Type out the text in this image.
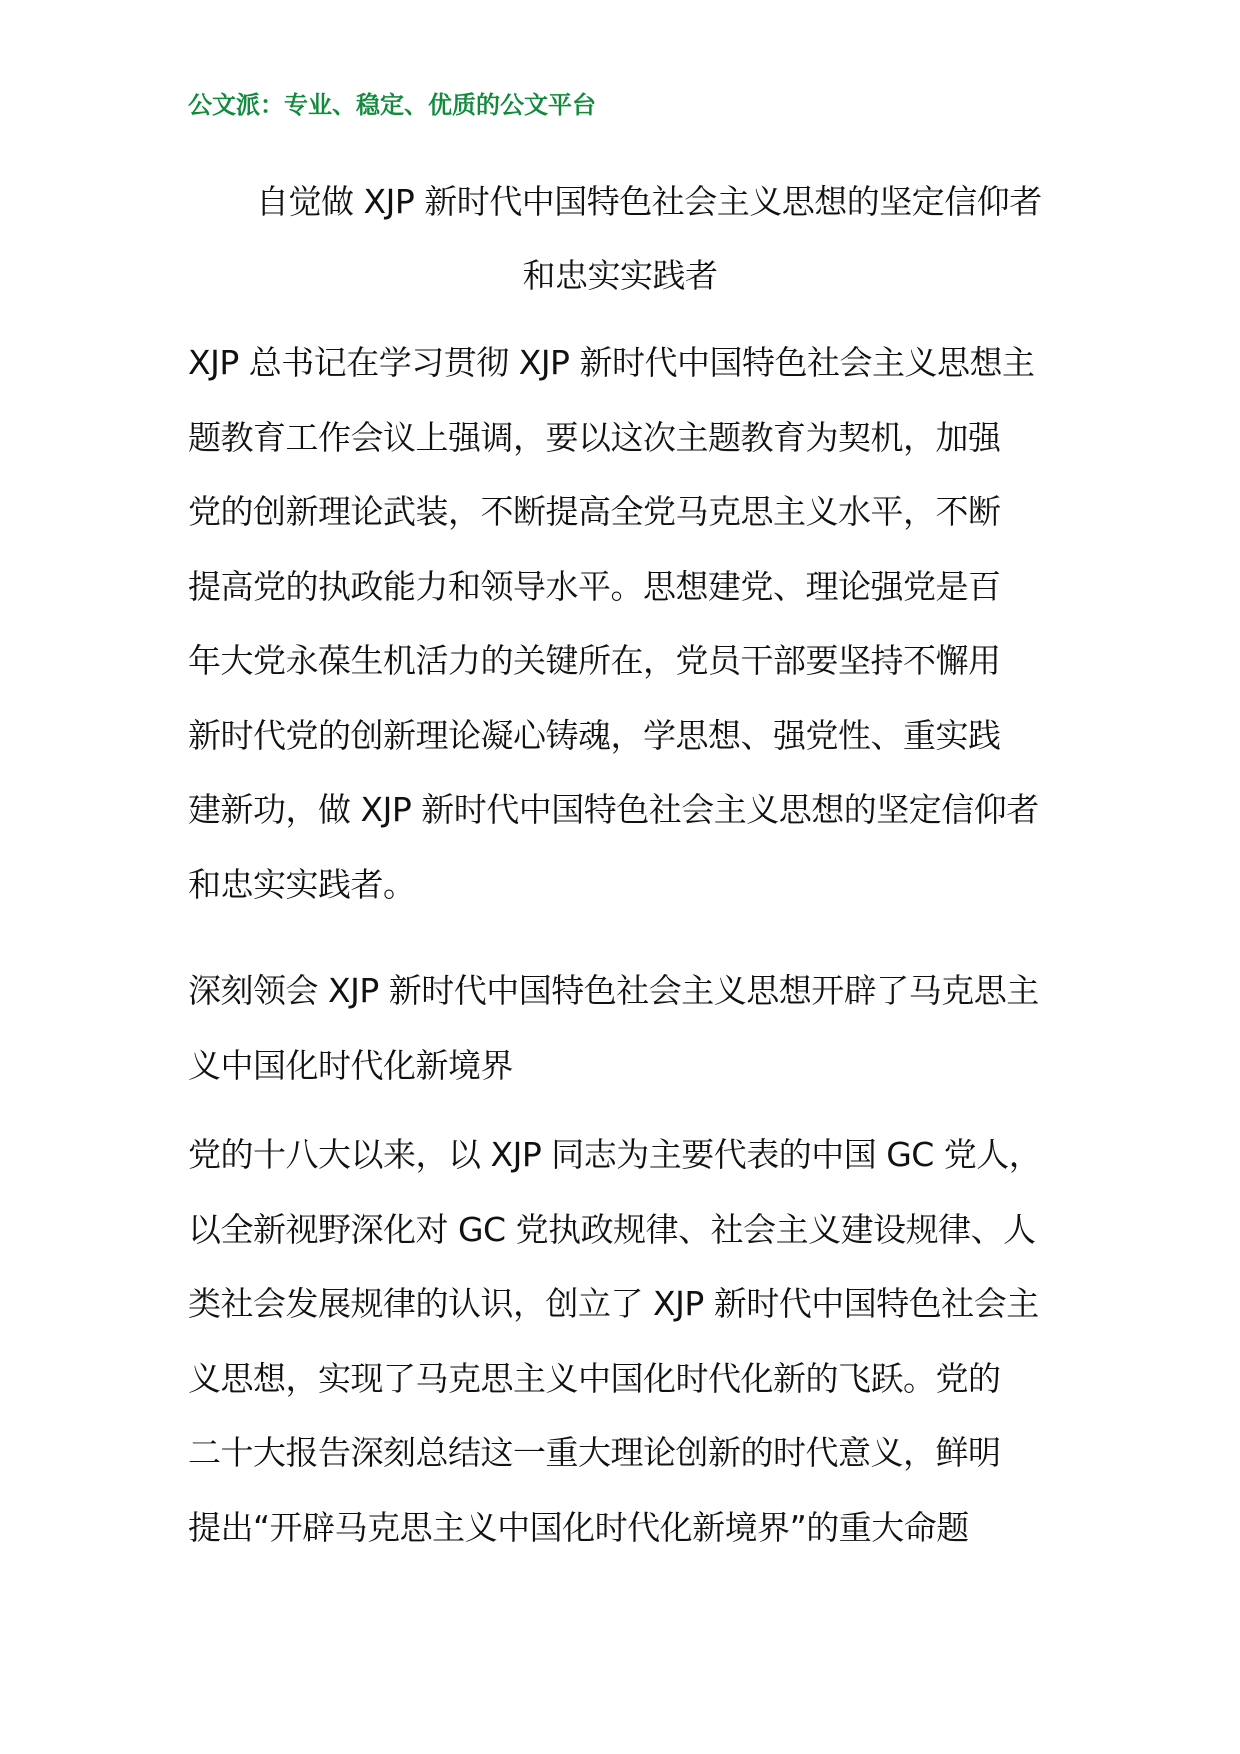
公文派：专业、稳定、优质的公文平台
自觉做 XJP 新时代中国特色社会主义思想的坚定信仰者
和忠实实践者
XJP 总书记在学习贯彻 XJP 新时代中国特色社会主义思想主
题教育工作会议上强调，要以这次主题教育为契机，加强
党的创新理论武装，不断提高全党马克思主义水平，不断
提高党的执政能力和领导水平。思想建党、理论强党是百
年大党永葆生机活力的关键所在，党员干部要坚持不懈用
新时代党的创新理论凝心铸魂，学思想、强党性、重实践
建新功，做 XJP 新时代中国特色社会主义思想的坚定信仰者
和忠实实践者。
深刻领会 XJP 新时代中国特色社会主义思想开辟了马克思主
义中国化时代化新境界
党的十八大以来，以 XJP 同志为主要代表的中国 GC 党人，
以全新视野深化对 GC 党执政规律、社会主义建设规律、人
类社会发展规律的认识，创立了 XJP 新时代中国特色社会主
义思想，实现了马克思主义中国化时代化新的飞跃。党的
二十大报告深刻总结这一重大理论创新的时代意义，鲜明
提出“开辟马克思主义中国化时代化新境界”的重大命题
